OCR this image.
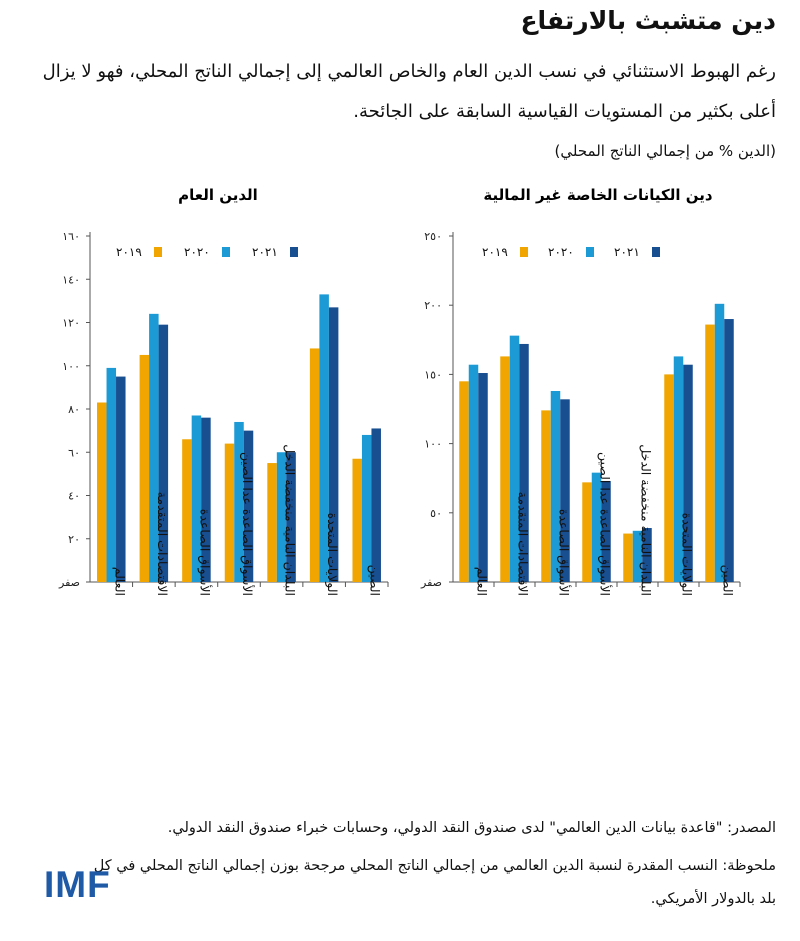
دين متشبث بالارتفاع
رغم الهبوط الاستثنائي في نسب الدين العام والخاص العالمي إلى إجمالي الناتج المحلي، فهو لا يزال أعلى بكثير من المستويات القياسية السابقة على الجائحة.
(الدين % من إجمالي الناتج المحلي)
الدين العام
صفر
٢٠
٤٠
٦٠
٨٠
١٠٠
١٢٠
١٤٠
١٦٠
العالم الاقتصادات المتقدمة الأسواق الصاعدة الأسواق الصاعدة عدا الصين البلدان النامية منخفضة الدخل الولايات المتحدة الصين
٢٠١٩	٢٠٢٠	٢٠٢١
دين الكيانات الخاصة غير المالية
صفر
٥٠
١٠٠
١٥٠
٢٠٠
٢٥٠
العالم الاقتصادات المتقدمة الأسواق الصاعدة الأسواق الصاعدة عدا الصين البلدان النامية منخفضة الدخل الولايات المتحدة الصين
٢٠١٩	٢٠٢٠	٢٠٢١
المصدر: "قاعدة بيانات الدين العالمي" لدى صندوق النقد الدولي، وحسابات خبراء صندوق النقد الدولي.
ملحوظة: النسب المقدرة لنسبة الدين العالمي من إجمالي الناتج المحلي مرجحة بوزن إجمالي الناتج المحلي في كل بلد بالدولار الأمريكي.
IMF
